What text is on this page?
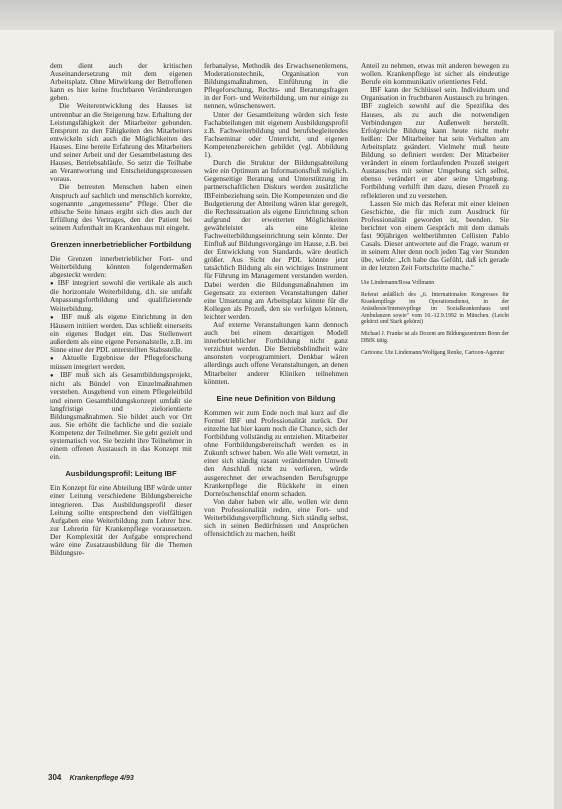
dem dient auch der kritischen Auseinandersetzung mit dem eigenen Arbeitsplatz. Ohne Mitwirkung der Betroffenen kann es hier keine fruchtbaren Veränderungen geben.

Die Weiterentwicklung des Hauses ist untrennbar an die Steigerung bzw. Erhaltung der Leistungsfähigkeit der Mitarbeiter gebunden. Entsprunt zu den Fähigkeiten des Mitarbeiters entwickeln sich auch die Möglichkeiten des Hauses. Eine bereite Erfahrung des Mitarbeiters und seiner Arbeit und der Gesamtbelastung des Hauses, Betriebsabläufe. So setzt die Teilhabe an Verantwortung und Entscheidungsprozessen voraus.

Die betreuten Menschen haben einen Anspruch auf sachlich und menschlich korrekte, sogenannte „angemessene" Pflege. Über die ethische Seite hinaus ergibt sich dies auch der Erfüllung des Vertrages, den der Patient bei seinem Aufenthalt im Krankenhaus mit eingeht.

Grenzen innerbetrieblicher Fortbildung

Die Grenzen innerbetrieblicher Fort- und Weiterbildung könnten folgendermaßen abgesteckt werden:

● IBF integriert sowohl die vertikale als auch die horizontale Weiterbildung, d.h. sie umfaßt Anpassungsfortbildung und qualifizierende Weiterbildung.

● IBF muß als eigene Einrichtung in den Häusern initiiert werden. Das schließt einerseits ein eigenes Budget ein. Das Stellenwert außerdem als eine eigene Personalstelle, z.B. im Sinne einer der PDL unterstellten Stabsstelle.

● Aktuelle Ergebnisse der Pflegeforschung müssen integriert werden.

● IBF muß sich als Gesamtbildungsprojekt, nicht als Bündel von Einzelmaßnahmen verstehen. Ausgehend von einem Pflegeleitbild und einem Gesamtbildungskonzept umfaßt sie langfristige und zielorientierte Bildungsmaßnahmen. Sie bildet auch vor Ort aus. Sie erhöht die fachliche und die soziale Kompetenz der Teilnehmer. Sie geht gezielt und systematisch vor. Sie bezieht ihre Teilnehmer in einem offenen Austausch in das Konzept mit ein.

Ausbildungsprofil: Leitung IBF

Ein Konzept für eine Abteilung IBF würde unter einer Leitung verschiedene Bildungsbereiche integrieren. Das Ausbildungsprofil dieser Leitung sollte entsprechend den vielfältigen Aufgaben eine Weiterbildung zum Lehrer bzw. zur Lehrerin für Krankenpflege voraussetzen. Der Komplexität der Aufgabe entsprechend wäre eine Zusatzausbildung für die Themen Bildungsre-

ferbanalyse, Methodik des Erwachsenenlernens, Moderationstechnik, Organisation von Bildungsmaßnahmen, Einführung in die Pflegeforschung, Rechts- und Beratungsfragen in der Fort- und Weiterbildung, um nur einige zu nennen, wünschenswert.

Unter der Gesamtleitung würden sich feste Fachabteilungen mit eigenem Ausbildungsprofil z.B. Fachweiterbildung und berufsbegleitendes Fachseminar oder Unterricht, und eigenen Kompetenzbereichen gebildet (vgl. Abbildung 1).

Durch die Struktur der Bildungsabteilung wäre ein Optimum an Informationsfluß möglich. Gegenseitige Beratung und Unterstützung im partnerschaftlichen Diskurs werden zusätzliche IBFeinbeziehung sein. Die Kompetenzen und die Budgetierung der Abteilung wären klar geregelt, die Rechtssituation als eigene Einrichtung schon aufgrund der erweiterten Möglichkeiten gewährleistet als eine kleine Fachweiterbildungseinrichtung sein könnte. Der Einfluß auf Bildungsvorgänge im Hause, z.B. bei der Entwicklung von Standards, wäre deutlich größer. Aus Sicht der PDL könnte jetzt tatsächlich Bildung als ein wichtiges Instrument für Führung im Management verstanden werden. Dabei werden die Bildungsmaßnahmen im Gegensatz zu externen Veranstaltungen daher eine Umsetzung am Arbeitsplatz könnte für die Kollegen als Prozeß, den sie verfolgen können, leichter werden.

Auf externe Veranstaltungen kann dennoch auch bei einem derartigen Modell innerbetrieblicher Fortbildung nicht ganz verzichtet werden. Die Betriebsblindheit wäre ansonsten vorprogrammiert. Denkbar wären allerdings auch offene Veranstaltungen, an denen Mitarbeiter anderer Kliniken teilnehmen könnten.

Eine neue Definition von Bildung

Kommen wir zum Ende noch mal kurz auf die Formel IBF und Professionalität zurück. Der einzelne hat hier kaum noch die Chance, sich der Fortbildung vollständig zu entziehen. Mitarbeiter ohne Fortbildungsbereitschaft werden es in Zukunft schwer haben. Wo alle Welt vernetzt, in einer sich ständig rasant verändernden Umwelt den Anschluß nicht zu verlieren, würde ausgerechnet der erwachsenden Berufsgruppe Krankenpflege die Rückkehr in einen Dornröschenschlaf enorm schaden.

Von daher haben wir alle, wollen wir denn von Professionalität reden, eine Fort- und Weiterbildungsverpflichtung. Sich ständig selbst, sich in seinen Bedürfnissen und Ansprüchen offensichtlich zu machen, heißt

Anteil zu nehmen, etwas mit anderen bewegen zu wollen. Krankenpflege ist sicher als eindeutige Berufe ein kommunikativ orientiertes Feld.

IBF kann der Schlüssel sein. Individuum und Organisation in fruchtbaren Austausch zu bringen. IBF zugleich sowohl auf die Spezifika des Hauses, als zu auch die notwendigen Verbindungen zur Außenwelt herstellt. Erfolgreiche Bildung kann heute nicht mehr heißen: Der Mitarbeiter hat sein Verhalten am Arbeitsplatz geändert. Vielmehr muß heute Bildung so definiert werden: Der Mitarbeiter verändert in einem fortlaufenden Prozeß steigert Austausches mit seiner Umgebung sich selbst, ebenso verändert er aber seine Umgebung. Fortbildung verhilft ihm dazu, diesen Prozeß zu reflektieren und zu verstehen.

Lassen Sie mich das Referat mit einer kleinen Geschichte, die für mich zum Ausdruck für Professionalität geworden ist, beenden. Sie berichtet von einem Gespräch mit dem damals fast 90jährigen weltberühmten Cellisten Pablo Casals. Dieser antwortete auf die Frage, warum er in seinem Alter denn noch jeden Tag vier Stunden übe, würde: „Ich habe das Gefühl, daß ich gerade in der letzten Zeit Fortschritte mache."

Ute Lindemann/Rosa Vollmann

Referat anläßlich des „6. Internationalen Kongresses für Krankenpflege im Operationsdienst, in der Anästhesie/Intensivpflege im Sozialkrankenhaus und Ambulanzen sowie" vom 10.-12.9.1992 in München. (Leicht gekürzt und Stark gekürzt)

Michael J. Franke ist als Dozent am Bildungszentrum Bonn der DBfK tätig.

Cartoons: Ute Lindemann/Wolfgang Renke, Cartoon-Agentur

304 Krankenpflege 4/93
